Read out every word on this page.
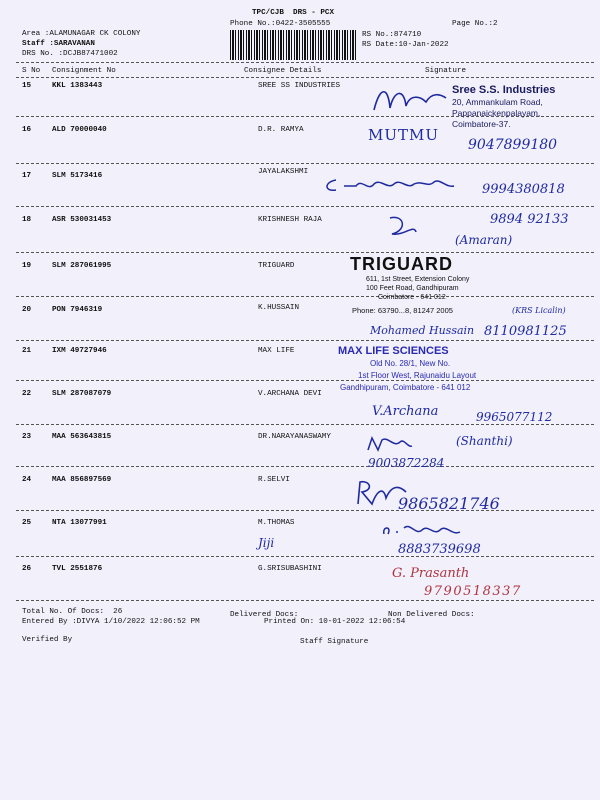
TPC/CJB  DRS - PCX
Phone No.:0422-3505555	Page No.:2
Area :ALAMUNAGAR CK COLONY
Staff :SARAVANAN
DRS No. :DCJB87471002
RS No.:874710
RS Date:10-Jan-2022
S No Consignment No	Consignee Details	Signature
15	KKL 1383443	SREE SS INDUSTRIES
16	ALD 70000040	D.R. RAMYA
17	SLM 5173416	JAYALAKSHMI
18	ASR 530031453	KRISHNESH RAJA
19	SLM 287061995	TRIGUARD
20	PON 7946319	K.HUSSAIN
21	IXM 49727946	MAX LIFE
22	SLM 287087079	V.ARCHANA DEVI
23	MAA 563643815	DR.NARAYANASWAMY
24	MAA 856897569	R.SELVI
25	NTA 13077991	M.THOMAS
26	TVL 2551876	G.SRISUBASHINI
Sree S.S. Industries
20, Ammankulam Road,
Pappanaickenpalayam,
Coimbatore-37.
TRIGUARD
611, 1st Street, Extension Colony
100 Feet Road, Gandhipuram
Coimbatore - 641 012
Phone: 63790...8, 81247 2005
MAX LIFE SCIENCES
Old No. 28/1, New No.
1st Floor West, Rajunaidu Layout
Gandhipuram, Coimbatore - 641 012
MUTMU
9047899180
9994380818
9894 92133
(Amaran)
Mohamed Hussain 8110981125
(KRS Licalin)
V.Archana	9965077112
(Shanthi)
9003872284
9865821746
Jiji	8883739698
G. Prasanth
9790518337
Total No. Of Docs:  26	Delivered Docs:	Non Delivered Docs:
Entered By :DIVYA 1/10/2022 12:06:52 PM	Printed On: 10-01-2022 12:06:54
Verified By	Staff Signature
